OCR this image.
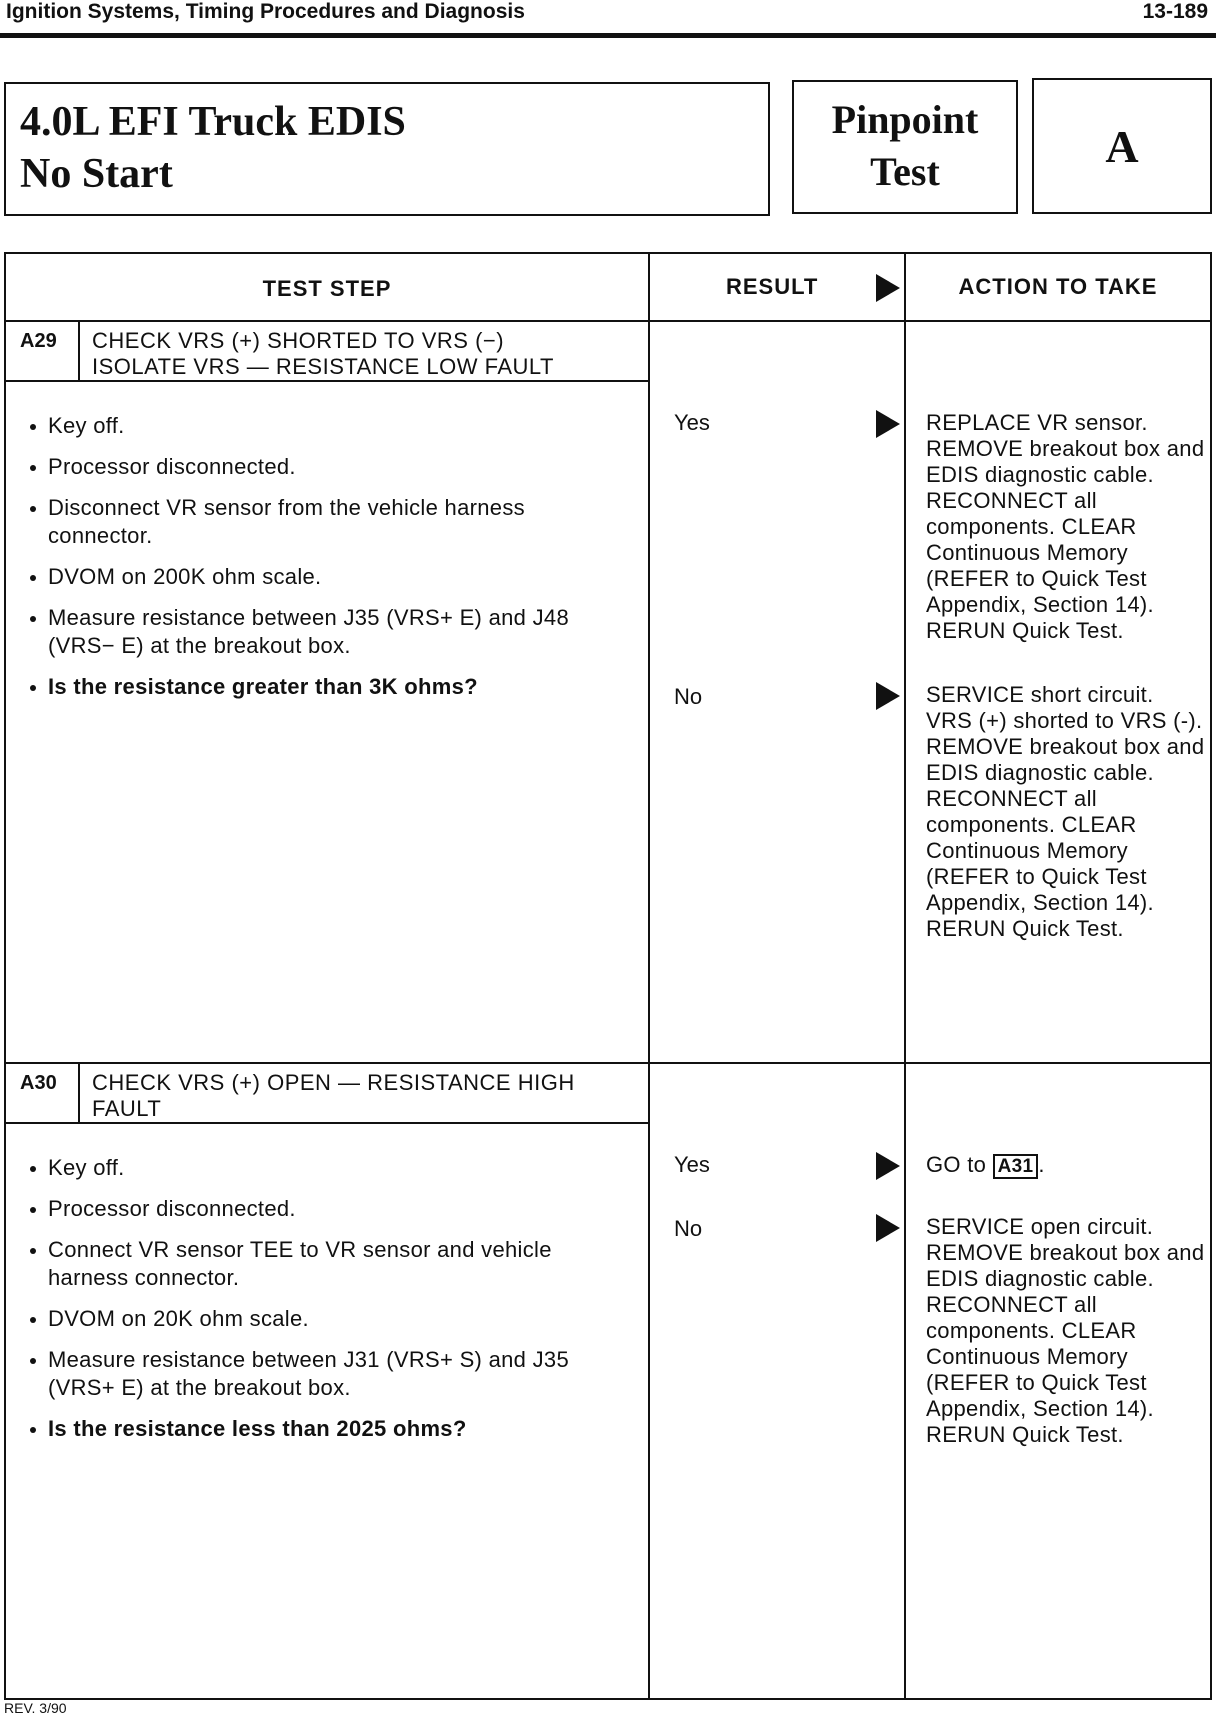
Ignition Systems, Timing Procedures and Diagnosis	13-189
4.0L EFI Truck EDIS
No Start
Pinpoint
Test	A
TEST STEP	RESULT	ACTION TO TAKE
A29 CHECK VRS (+) SHORTED TO VRS (−)
ISOLATE VRS — RESISTANCE LOW FAULT
Key off.
Processor disconnected.
Disconnect VR sensor from the vehicle harness connector.
DVOM on 200K ohm scale.
Measure resistance between J35 (VRS+ E) and J48 (VRS− E) at the breakout box.
Is the resistance greater than 3K ohms?
Yes	REPLACE VR sensor. REMOVE breakout box and EDIS diagnostic cable. RECONNECT all components. CLEAR Continuous Memory (REFER to Quick Test Appendix, Section 14). RERUN Quick Test.
No	SERVICE short circuit. VRS (+) shorted to VRS (-). REMOVE breakout box and EDIS diagnostic cable. RECONNECT all components. CLEAR Continuous Memory (REFER to Quick Test Appendix, Section 14). RERUN Quick Test.
A30 CHECK VRS (+) OPEN — RESISTANCE HIGH
FAULT
Key off.
Processor disconnected.
Connect VR sensor TEE to VR sensor and vehicle harness connector.
DVOM on 20K ohm scale.
Measure resistance between J31 (VRS+ S) and J35 (VRS+ E) at the breakout box.
Is the resistance less than 2025 ohms?
Yes	GO to A31 .
No	SERVICE open circuit. REMOVE breakout box and EDIS diagnostic cable. RECONNECT all components. CLEAR Continuous Memory (REFER to Quick Test Appendix, Section 14). RERUN Quick Test.
REV. 3/90
